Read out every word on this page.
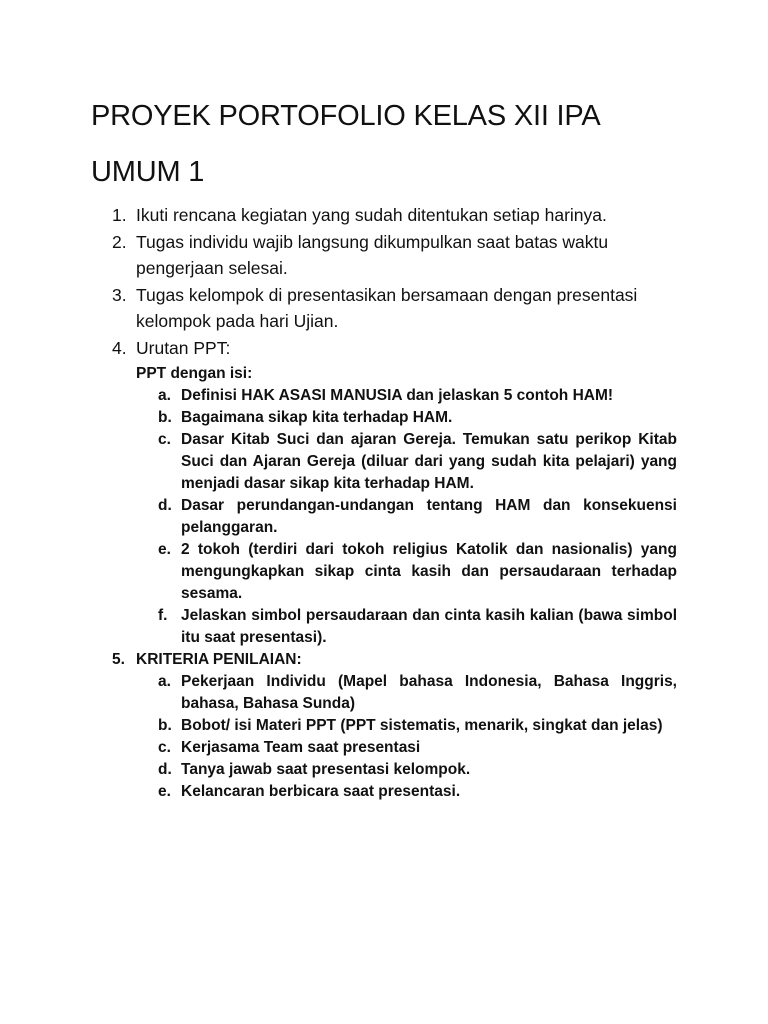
PROYEK PORTOFOLIO KELAS XII IPA
UMUM 1
1. Ikuti rencana kegiatan yang sudah ditentukan setiap harinya.
2. Tugas individu wajib langsung dikumpulkan saat batas waktu pengerjaan selesai.
3. Tugas kelompok di presentasikan bersamaan dengan presentasi kelompok pada hari Ujian.
4. Urutan PPT:
PPT dengan isi:
a. Definisi HAK ASASI MANUSIA dan jelaskan 5 contoh HAM!
b. Bagaimana sikap kita terhadap HAM.
c. Dasar Kitab Suci dan ajaran Gereja. Temukan satu perikop Kitab Suci dan Ajaran Gereja (diluar dari yang sudah kita pelajari) yang menjadi dasar sikap kita terhadap HAM.
d. Dasar perundangan-undangan tentang HAM dan konsekuensi pelanggaran.
e. 2 tokoh (terdiri dari tokoh religius Katolik dan nasionalis) yang mengungkapkan sikap cinta kasih dan persaudaraan terhadap sesama.
f. Jelaskan simbol persaudaraan dan cinta kasih kalian (bawa simbol itu saat presentasi).
5. KRITERIA PENILAIAN:
a. Pekerjaan Individu (Mapel bahasa Indonesia, Bahasa Inggris, bahasa, Bahasa Sunda)
b. Bobot/ isi Materi PPT (PPT sistematis, menarik, singkat dan jelas)
c. Kerjasama Team saat presentasi
d. Tanya jawab saat presentasi kelompok.
e. Kelancaran berbicara saat presentasi.
